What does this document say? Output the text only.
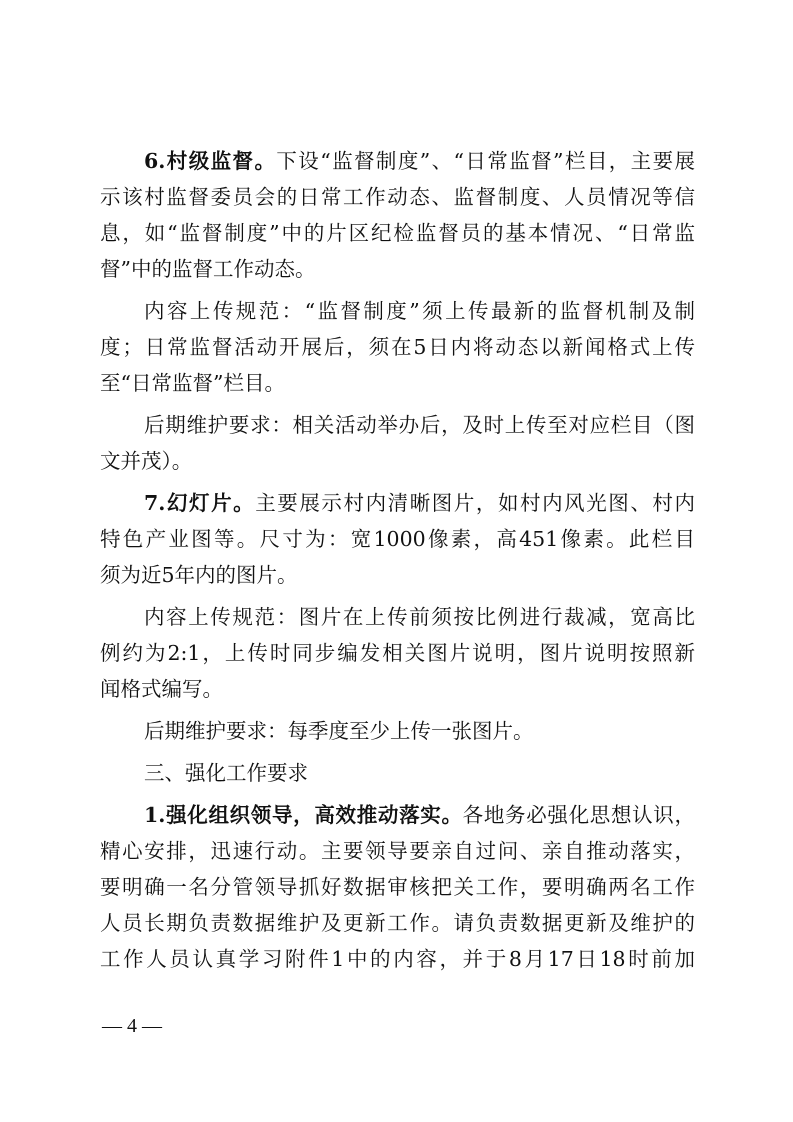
6.村级监督。下设“监督制度”、“日常监督”栏目，主要展
示该村监督委员会的日常工作动态、监督制度、人员情况等信
息，如“监督制度”中的片区纪检监督员的基本情况、“日常监
督”中的监督工作动态。
内容上传规范：“监督制度”须上传最新的监督机制及制
度；日常监督活动开展后，须在5日内将动态以新闻格式上传
至“日常监督”栏目。
后期维护要求：相关活动举办后，及时上传至对应栏目（图
文并茂）。
7.幻灯片。主要展示村内清晰图片，如村内风光图、村内
特色产业图等。尺寸为：宽1000像素，高451像素。此栏目
须为近5年内的图片。
内容上传规范：图片在上传前须按比例进行裁减，宽高比
例约为2:1，上传时同步编发相关图片说明，图片说明按照新
闻格式编写。
后期维护要求：每季度至少上传一张图片。
三、强化工作要求
1.强化组织领导，高效推动落实。各地务必强化思想认识，
精心安排，迅速行动。主要领导要亲自过问、亲自推动落实，
要明确一名分管领导抓好数据审核把关工作，要明确两名工作
人员长期负责数据维护及更新工作。请负责数据更新及维护的
工作人员认真学习附件1中的内容，并于8月17日18时前加
— 4 —
